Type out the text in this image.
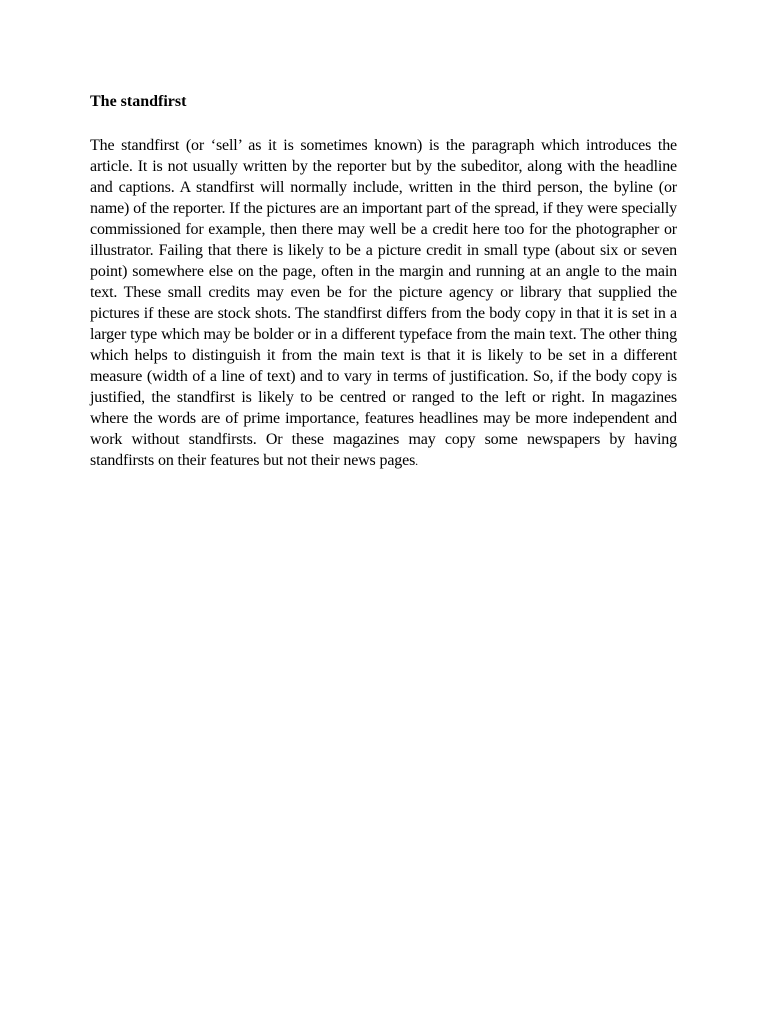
The standfirst

The standfirst (or ‘sell’ as it is sometimes known) is the paragraph which introduces the article. It is not usually written by the reporter but by the subeditor, along with the headline and captions. A standfirst will normally include, written in the third person, the byline (or name) of the reporter. If the pictures are an important part of the spread, if they were specially commissioned for example, then there may well be a credit here too for the photographer or illustrator. Failing that there is likely to be a picture credit in small type (about six or seven point) somewhere else on the page, often in the margin and running at an angle to the main text. These small credits may even be for the picture agency or library that supplied the pictures if these are stock shots. The standfirst differs from the body copy in that it is set in a larger type which may be bolder or in a different typeface from the main text. The other thing which helps to distinguish it from the main text is that it is likely to be set in a different measure (width of a line of text) and to vary in terms of justification. So, if the body copy is justified, the standfirst is likely to be centred or ranged to the left or right. In magazines where the words are of prime importance, features headlines may be more independent and work without standfirsts. Or these magazines may copy some newspapers by having standfirsts on their features but not their news pages.
